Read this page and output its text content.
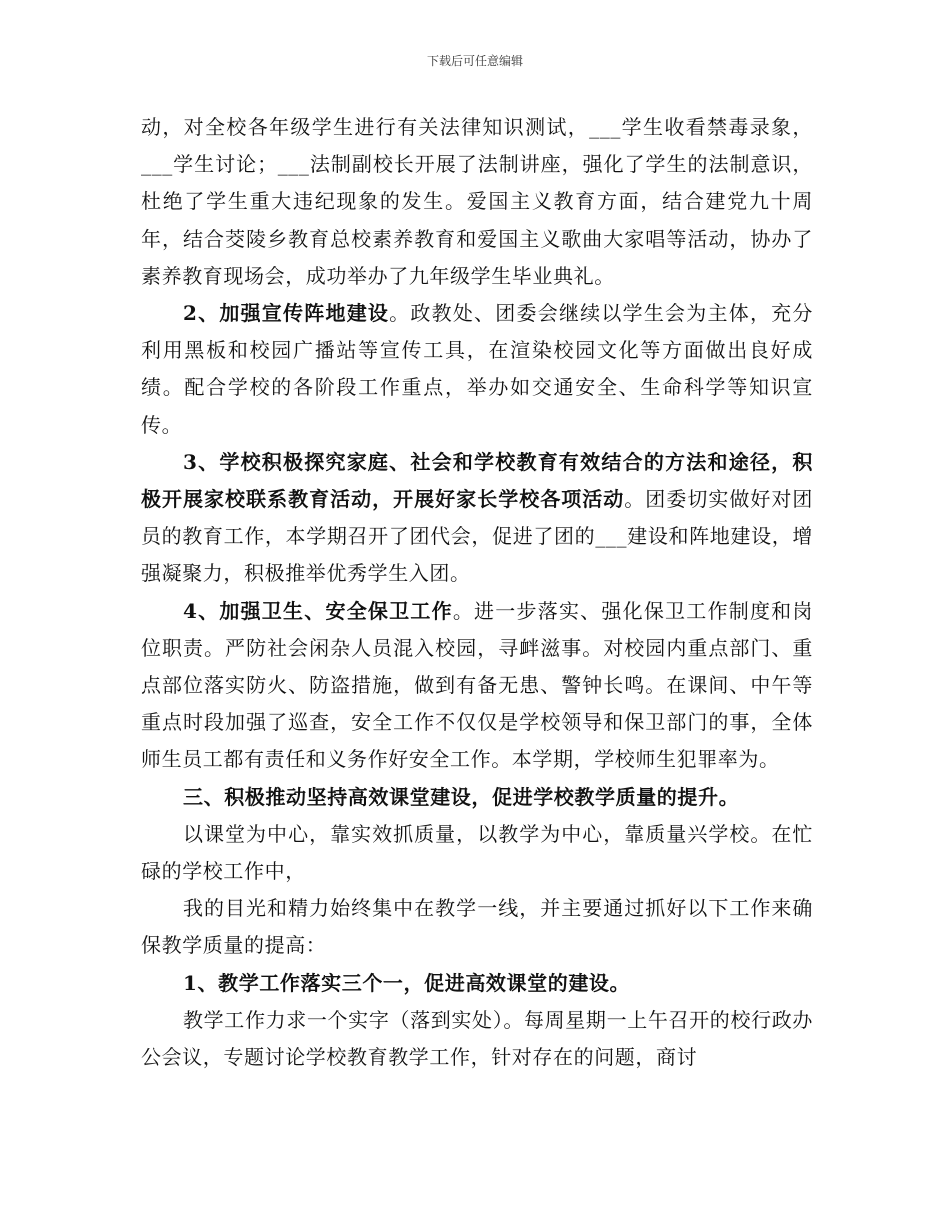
下载后可任意编辑

动，对全校各年级学生进行有关法律知识测试，___学生收看禁毒录象，___学生讨论；___法制副校长开展了法制讲座，强化了学生的法制意识，杜绝了学生重大违纪现象的发生。爱国主义教育方面，结合建党九十周年，结合茭陵乡教育总校素养教育和爱国主义歌曲大家唱等活动，协办了素养教育现场会，成功举办了九年级学生毕业典礼。

2、加强宣传阵地建设。政教处、团委会继续以学生会为主体，充分利用黑板和校园广播站等宣传工具，在渲染校园文化等方面做出良好成绩。配合学校的各阶段工作重点，举办如交通安全、生命科学等知识宣传。

3、学校积极探究家庭、社会和学校教育有效结合的方法和途径，积极开展家校联系教育活动，开展好家长学校各项活动。团委切实做好对团员的教育工作，本学期召开了团代会，促进了团的___建设和阵地建设，增强凝聚力，积极推举优秀学生入团。

4、加强卫生、安全保卫工作。进一步落实、强化保卫工作制度和岗位职责。严防社会闲杂人员混入校园，寻衅滋事。对校园内重点部门、重点部位落实防火、防盗措施，做到有备无患、警钟长鸣。在课间、中午等重点时段加强了巡查，安全工作不仅仅是学校领导和保卫部门的事，全体师生员工都有责任和义务作好安全工作。本学期，学校师生犯罪率为。

三、积极推动坚持高效课堂建设，促进学校教学质量的提升。

以课堂为中心，靠实效抓质量，以教学为中心，靠质量兴学校。在忙碌的学校工作中，

我的目光和精力始终集中在教学一线，并主要通过抓好以下工作来确保教学质量的提高：

1、教学工作落实三个一，促进高效课堂的建设。

教学工作力求一个实字（落到实处）。每周星期一上午召开的校行政办公会议，专题讨论学校教育教学工作，针对存在的问题，商讨
